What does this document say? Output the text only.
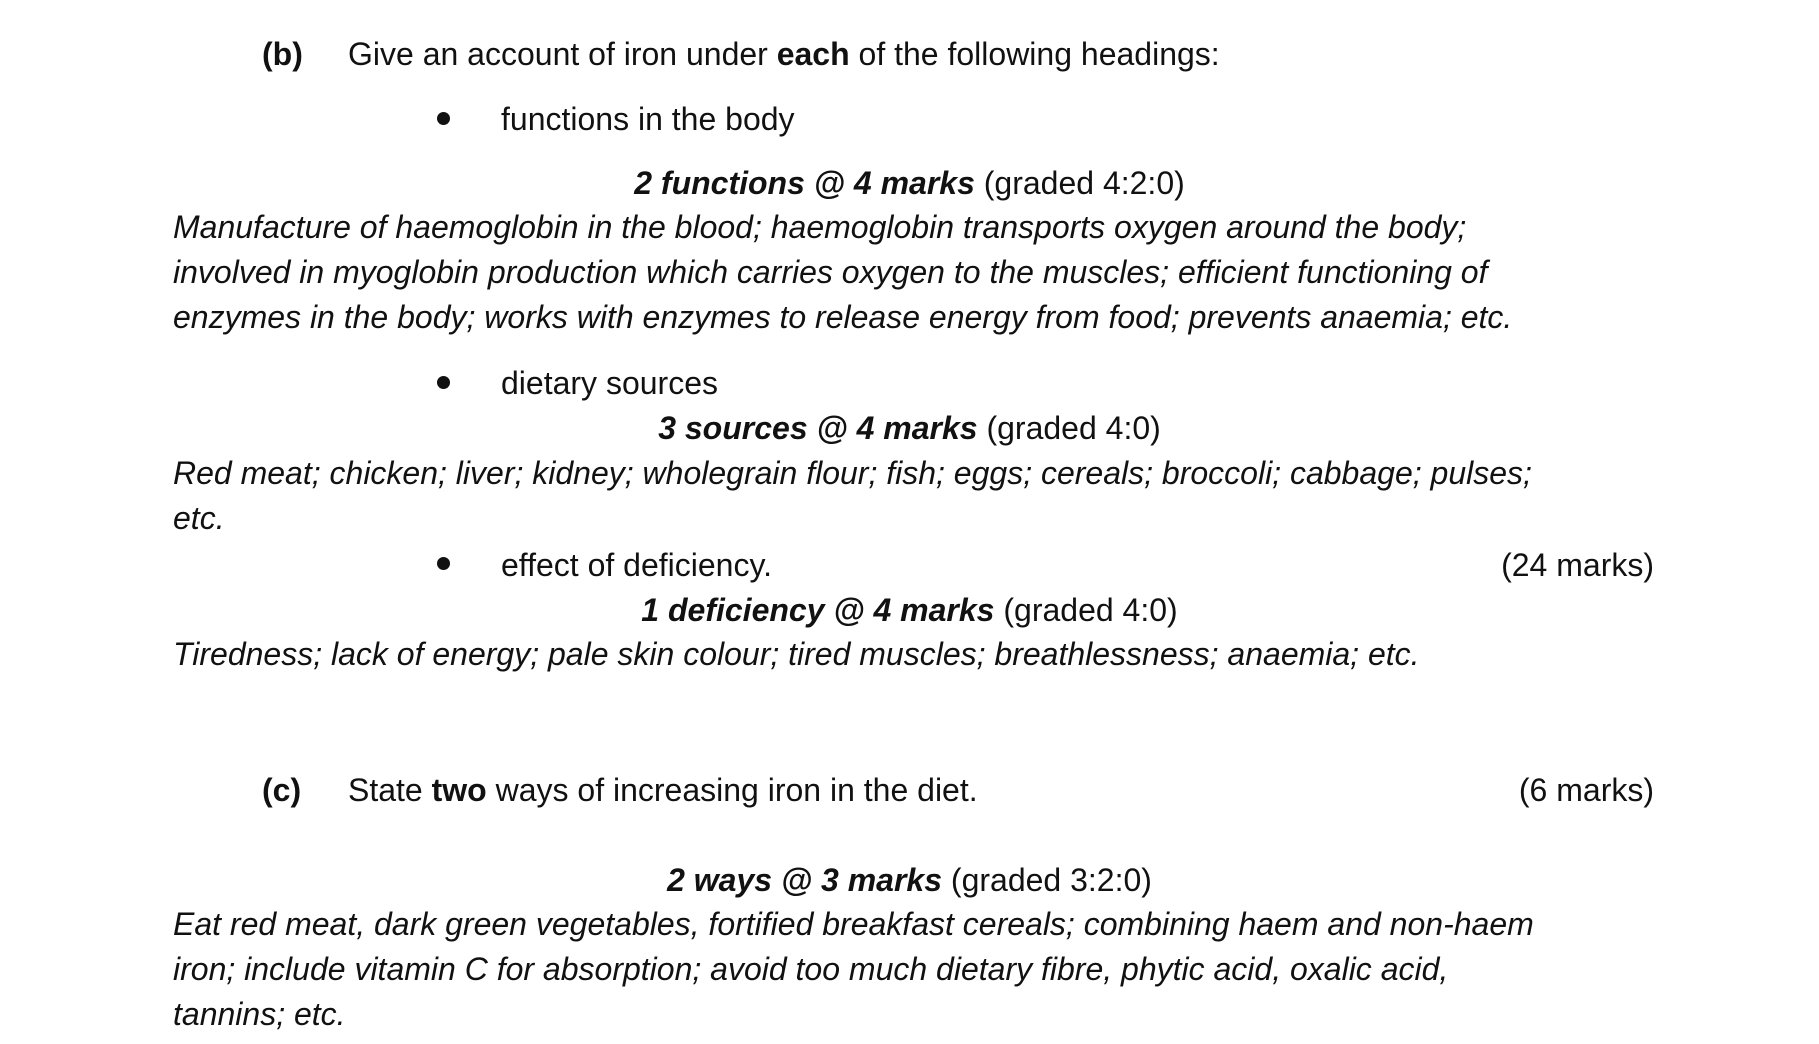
(b) Give an account of iron under each of the following headings:
functions in the body
2 functions @ 4 marks (graded 4:2:0)
Manufacture of haemoglobin in the blood; haemoglobin transports oxygen around the body;
involved in myoglobin production which carries oxygen to the muscles; efficient functioning of
enzymes in the body; works with enzymes to release energy from food; prevents anaemia; etc.
dietary sources
3 sources @ 4 marks (graded 4:0)
Red meat; chicken; liver; kidney; wholegrain flour; fish; eggs; cereals; broccoli; cabbage; pulses;
etc.
effect of deficiency.	(24 marks)
1 deficiency @ 4 marks (graded 4:0)
Tiredness; lack of energy; pale skin colour; tired muscles; breathlessness; anaemia; etc.
(c) State two ways of increasing iron in the diet.	(6 marks)
2 ways @ 3 marks (graded 3:2:0)
Eat red meat, dark green vegetables, fortified breakfast cereals; combining haem and non-haem
iron; include vitamin C for absorption; avoid too much dietary fibre, phytic acid, oxalic acid,
tannins; etc.
